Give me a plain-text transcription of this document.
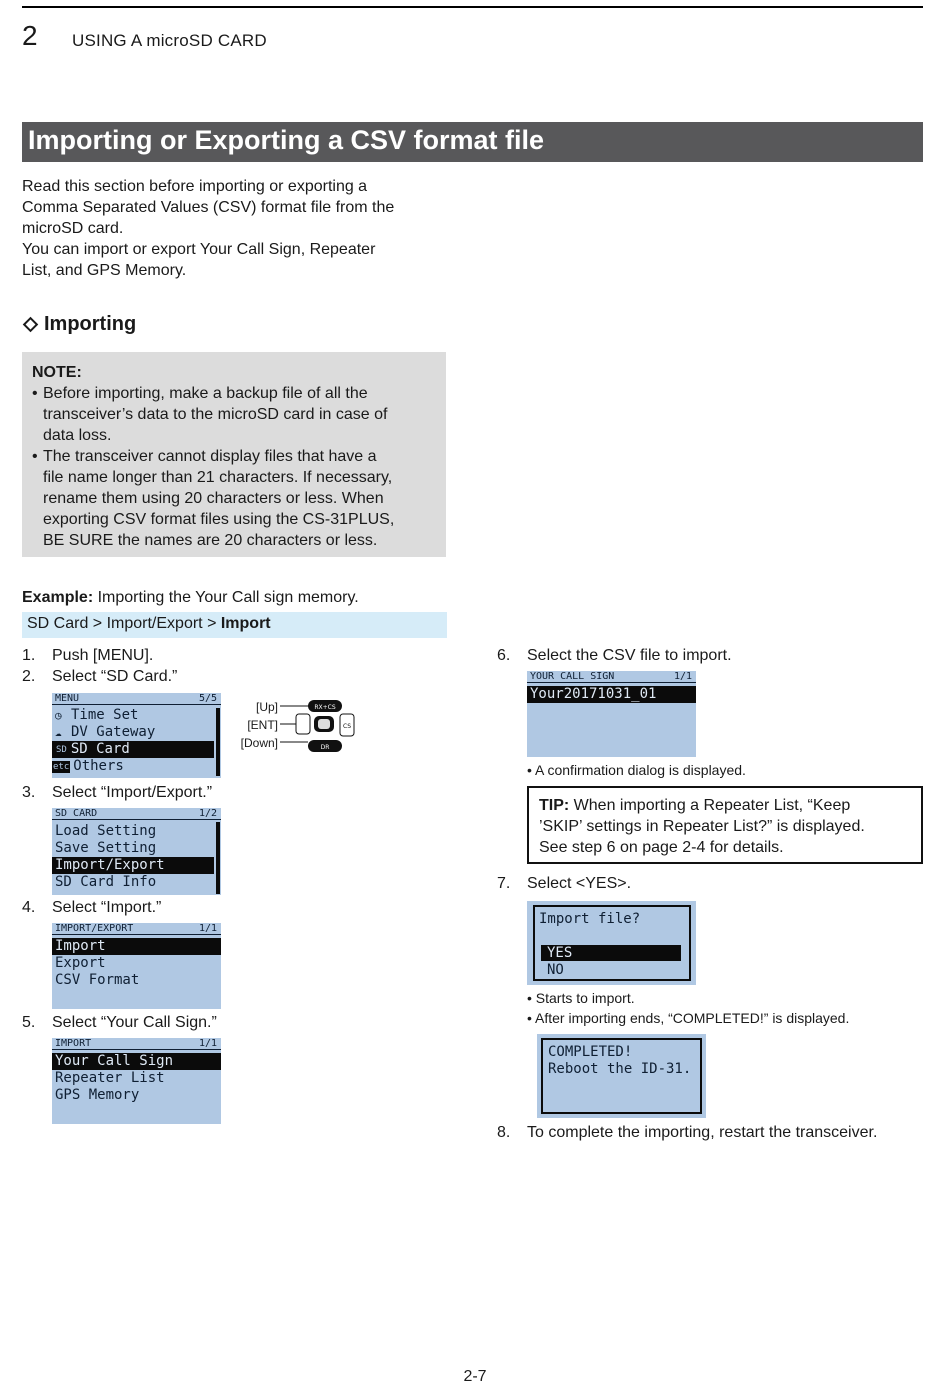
2 USING A microSD CARD
Importing or Exporting a CSV format file
Read this section before importing or exporting a
Comma Separated Values (CSV) format file from the
microSD card.
You can import or export Your Call Sign, Repeater
List, and GPS Memory.
Importing
NOTE:
• Before importing, make a backup file of all the
transceiver’s data to the microSD card in case of
data loss.
• The transceiver cannot display files that have a
file name longer than 21 characters. If necessary,
rename them using 20 characters or less. When
exporting CSV format files using the CS-31PLUS,
BE SURE the names are 20 characters or less.
Example: Importing the Your Call sign memory.
SD Card > Import/Export > Import
1. Push [MENU].
2. Select “SD Card.”
MENU	5/5
◷ Time Set
☁ DV Gateway
SD SD Card
etc Others
[Up]
[ENT]
[Down]
RX+CS
CS
DR
3. Select “Import/Export.”
SD CARD	1/2
Load Setting
Save Setting
Import/Export
SD Card Info
4. Select “Import.”
IMPORT/EXPORT	1/1
Import
Export
CSV Format
5. Select “Your Call Sign.”
IMPORT	1/1
Your Call Sign
Repeater List
GPS Memory
6. Select the CSV file to import.
YOUR CALL SIGN	1/1
Your20171031_01
• A confirmation dialog is displayed.
TIP: When importing a Repeater List, “Keep
’SKIP’ settings in Repeater List?” is displayed.
See step 6 on page 2-4 for details.
7. Select <YES>.
Import file?
YES
NO
• Starts to import.
• After importing ends, “COMPLETED!” is displayed.
COMPLETED!
Reboot the ID-31.
8. To complete the importing, restart the transceiver.
2-7
